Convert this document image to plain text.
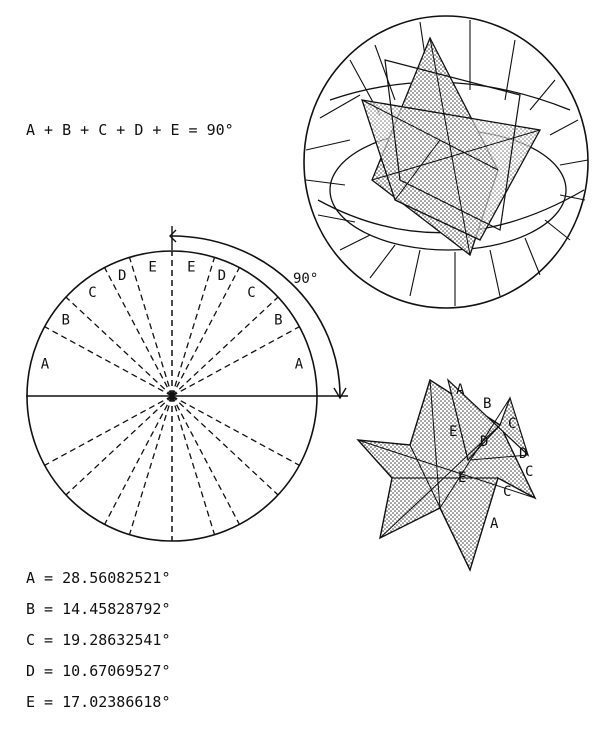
A + B + C + D + E = 90°
A	A
B	B
C	C
D	D
E E
90°
A
B
C
E
D
D
C
E
A
C
A = 28.56082521°
B = 14.45828792°
C = 19.28632541°
D = 10.67069527°
E = 17.02386618°
